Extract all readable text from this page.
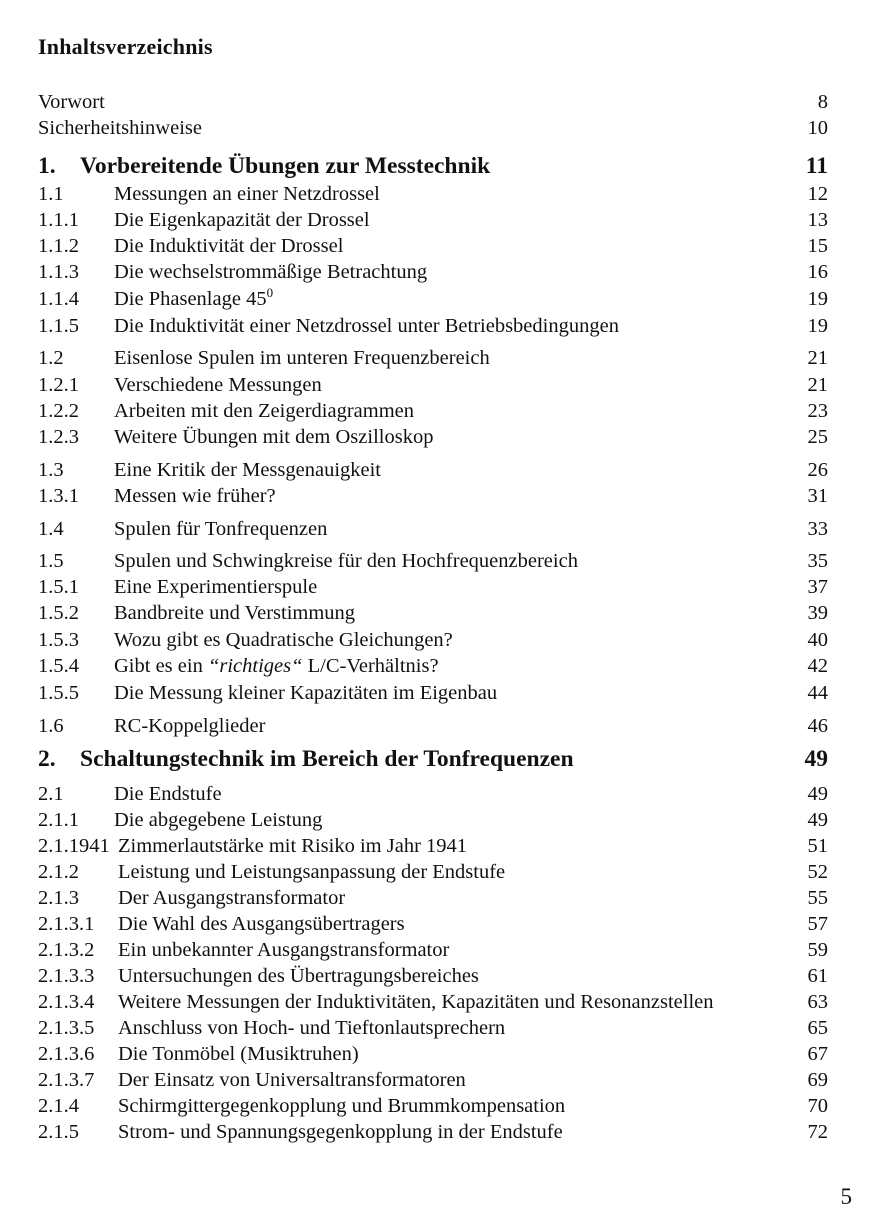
Inhaltsverzeichnis
Vorwort	8
Sicherheitshinweise	10
1. Vorbereitende Übungen zur Messtechnik	11
1.1 Messungen an einer Netzdrossel	12
1.1.1 Die Eigenkapazität der Drossel	13
1.1.2 Die Induktivität der Drossel	15
1.1.3 Die wechselstrommäßige Betrachtung	16
1.1.4 Die Phasenlage $45^0$	19
1.1.5 Die Induktivität einer Netzdrossel unter Betriebsbedingungen	19
1.2 Eisenlose Spulen im unteren Frequenzbereich	21
1.2.1 Verschiedene Messungen	21
1.2.2 Arbeiten mit den Zeigerdiagrammen	23
1.2.3 Weitere Übungen mit dem Oszilloskop	25
1.3 Eine Kritik der Messgenauigkeit	26
1.3.1 Messen wie früher?	31
1.4 Spulen für Tonfrequenzen	33
1.5 Spulen und Schwingkreise für den Hochfrequenzbereich	35
1.5.1 Eine Experimentierspule	37
1.5.2 Bandbreite und Verstimmung	39
1.5.3 Wozu gibt es Quadratische Gleichungen?	40
1.5.4 Gibt es ein “richtiges“ L/C-Verhältnis?	42
1.5.5 Die Messung kleiner Kapazitäten im Eigenbau	44
1.6 RC-Koppelglieder	46
2. Schaltungstechnik im Bereich der Tonfrequenzen	49
2.1 Die Endstufe	49
2.1.1 Die abgegebene Leistung	49
2.1.1941 Zimmerlautstärke mit Risiko im Jahr 1941	51
2.1.2 Leistung und Leistungsanpassung der Endstufe	52
2.1.3 Der Ausgangstransformator	55
2.1.3.1 Die Wahl des Ausgangsübertragers	57
2.1.3.2 Ein unbekannter Ausgangstransformator	59
2.1.3.3 Untersuchungen des Übertragungsbereiches	61
2.1.3.4 Weitere Messungen der Induktivitäten, Kapazitäten und Resonanzstellen	63
2.1.3.5 Anschluss von Hoch- und Tieftonlautsprechern	65
2.1.3.6 Die Tonmöbel (Musiktruhen)	67
2.1.3.7 Der Einsatz von Universaltransformatoren	69
2.1.4 Schirmgittergegenkopplung und Brummkompensation	70
2.1.5 Strom- und Spannungsgegenkopplung in der Endstufe	72
5
